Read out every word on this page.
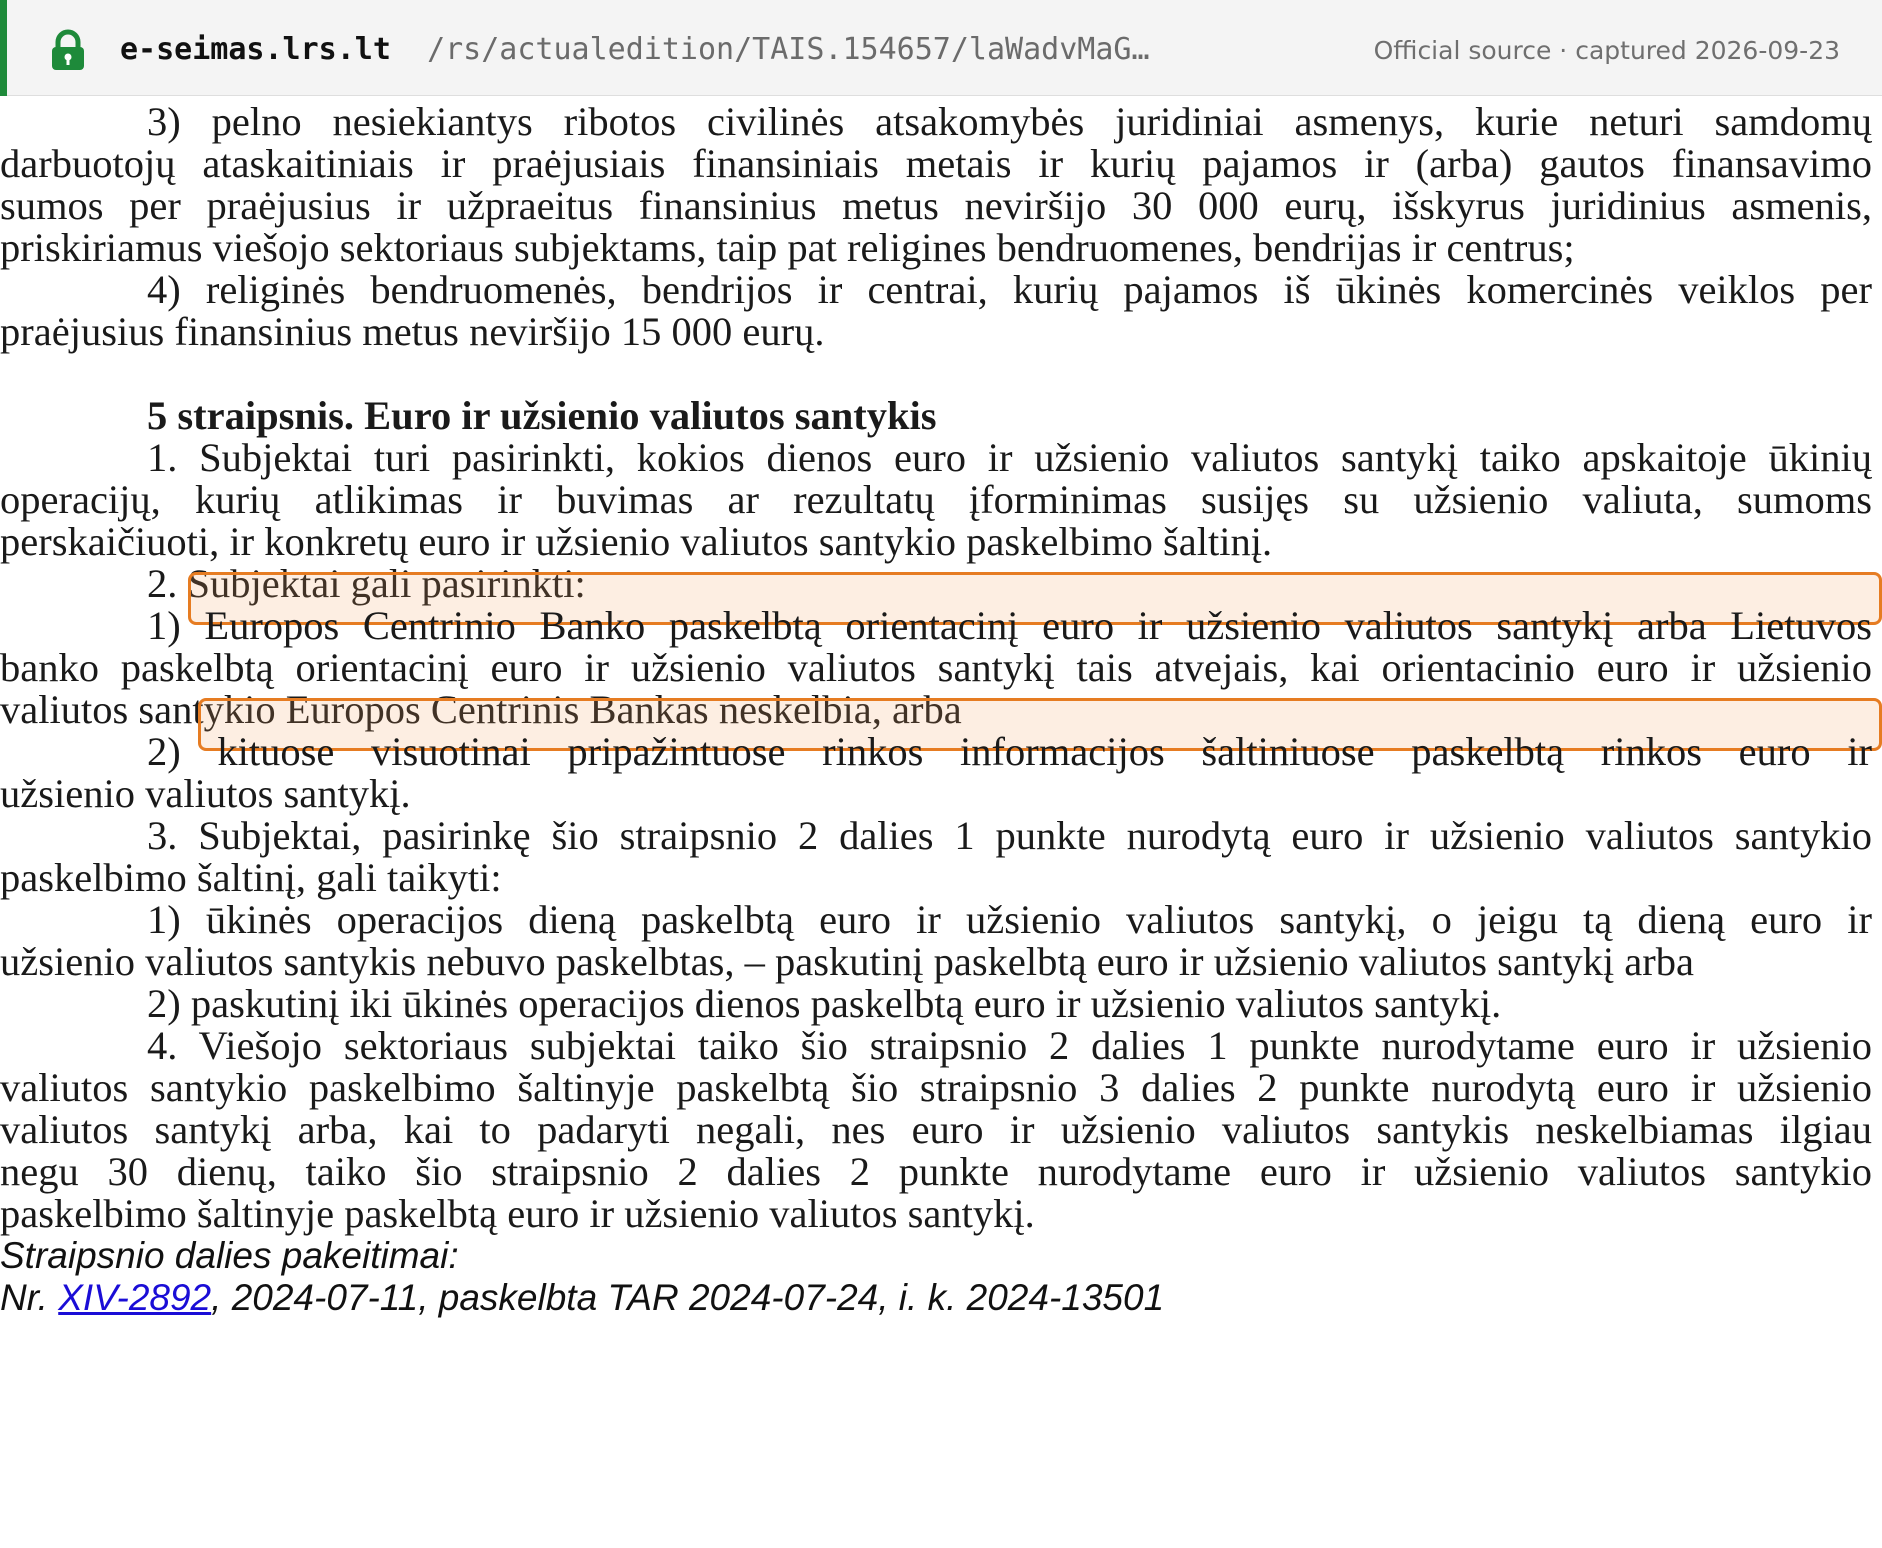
e-seimas.lrs.lt /rs/actualedition/TAIS.154657/laWadvMaG…	Official source · captured 2026-09-23
3) pelno nesiekiantys ribotos civilinės atsakomybės juridiniai asmenys, kurie neturi samdomų
darbuotojų ataskaitiniais ir praėjusiais finansiniais metais ir kurių pajamos ir (arba) gautos finansavimo
sumos per praėjusius ir užpraeitus finansinius metus neviršijo 30 000 eurų, išskyrus juridinius asmenis,
priskiriamus viešojo sektoriaus subjektams, taip pat religines bendruomenes, bendrijas ir centrus;
4) religinės bendruomenės, bendrijos ir centrai, kurių pajamos iš ūkinės komercinės veiklos per
praėjusius finansinius metus neviršijo 15 000 eurų.
5 straipsnis. Euro ir užsienio valiutos santykis
1. Subjektai turi pasirinkti, kokios dienos euro ir užsienio valiutos santykį taiko apskaitoje ūkinių
operacijų, kurių atlikimas ir buvimas ar rezultatų įforminimas susijęs su užsienio valiuta, sumoms
perskaičiuoti, ir konkretų euro ir užsienio valiutos santykio paskelbimo šaltinį.
2. Subjektai gali pasirinkti:
1) Europos Centrinio Banko paskelbtą orientacinį euro ir užsienio valiutos santykį arba Lietuvos
banko paskelbtą orientacinį euro ir užsienio valiutos santykį tais atvejais, kai orientacinio euro ir užsienio
valiutos santykio Europos Centrinis Bankas neskelbia, arba
2) kituose visuotinai pripažintuose rinkos informacijos šaltiniuose paskelbtą rinkos euro ir
užsienio valiutos santykį.
3. Subjektai, pasirinkę šio straipsnio 2 dalies 1 punkte nurodytą euro ir užsienio valiutos santykio
paskelbimo šaltinį, gali taikyti:
1) ūkinės operacijos dieną paskelbtą euro ir užsienio valiutos santykį, o jeigu tą dieną euro ir
užsienio valiutos santykis nebuvo paskelbtas, – paskutinį paskelbtą euro ir užsienio valiutos santykį arba
2) paskutinį iki ūkinės operacijos dienos paskelbtą euro ir užsienio valiutos santykį.
4. Viešojo sektoriaus subjektai taiko šio straipsnio 2 dalies 1 punkte nurodytame euro ir užsienio
valiutos santykio paskelbimo šaltinyje paskelbtą šio straipsnio 3 dalies 2 punkte nurodytą euro ir užsienio
valiutos santykį arba, kai to padaryti negali, nes euro ir užsienio valiutos santykis neskelbiamas ilgiau
negu 30 dienų, taiko šio straipsnio 2 dalies 2 punkte nurodytame euro ir užsienio valiutos santykio
paskelbimo šaltinyje paskelbtą euro ir užsienio valiutos santykį.
Straipsnio dalies pakeitimai:
Nr. XIV-2892, 2024-07-11, paskelbta TAR 2024-07-24, i. k. 2024-13501
